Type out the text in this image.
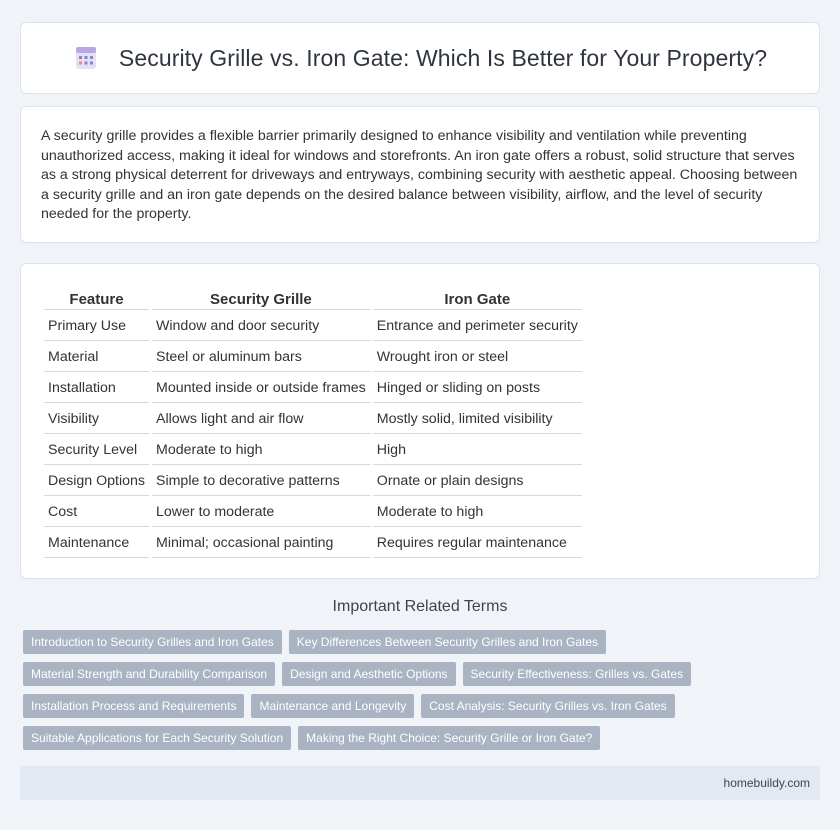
Security Grille vs. Iron Gate: Which Is Better for Your Property?

A security grille provides a flexible barrier primarily designed to enhance visibility and ventilation while preventing unauthorized access, making it ideal for windows and storefronts. An iron gate offers a robust, solid structure that serves as a strong physical deterrent for driveways and entryways, combining security with aesthetic appeal. Choosing between a security grille and an iron gate depends on the desired balance between visibility, airflow, and the level of security needed for the property.

Feature	Security Grille	Iron Gate
Primary Use	Window and door security	Entrance and perimeter security
Material	Steel or aluminum bars	Wrought iron or steel
Installation	Mounted inside or outside frames	Hinged or sliding on posts
Visibility	Allows light and air flow	Mostly solid, limited visibility
Security Level	Moderate to high	High
Design Options	Simple to decorative patterns	Ornate or plain designs
Cost	Lower to moderate	Moderate to high
Maintenance	Minimal; occasional painting	Requires regular maintenance
Important Related Terms
Introduction to Security Grilles and Iron Gates	Key Differences Between Security Grilles and Iron Gates
Material Strength and Durability Comparison	Design and Aesthetic Options	Security Effectiveness: Grilles vs. Gates
Installation Process and Requirements	Maintenance and Longevity	Cost Analysis: Security Grilles vs. Iron Gates
Suitable Applications for Each Security Solution	Making the Right Choice: Security Grille or Iron Gate?
homebuildy.com
